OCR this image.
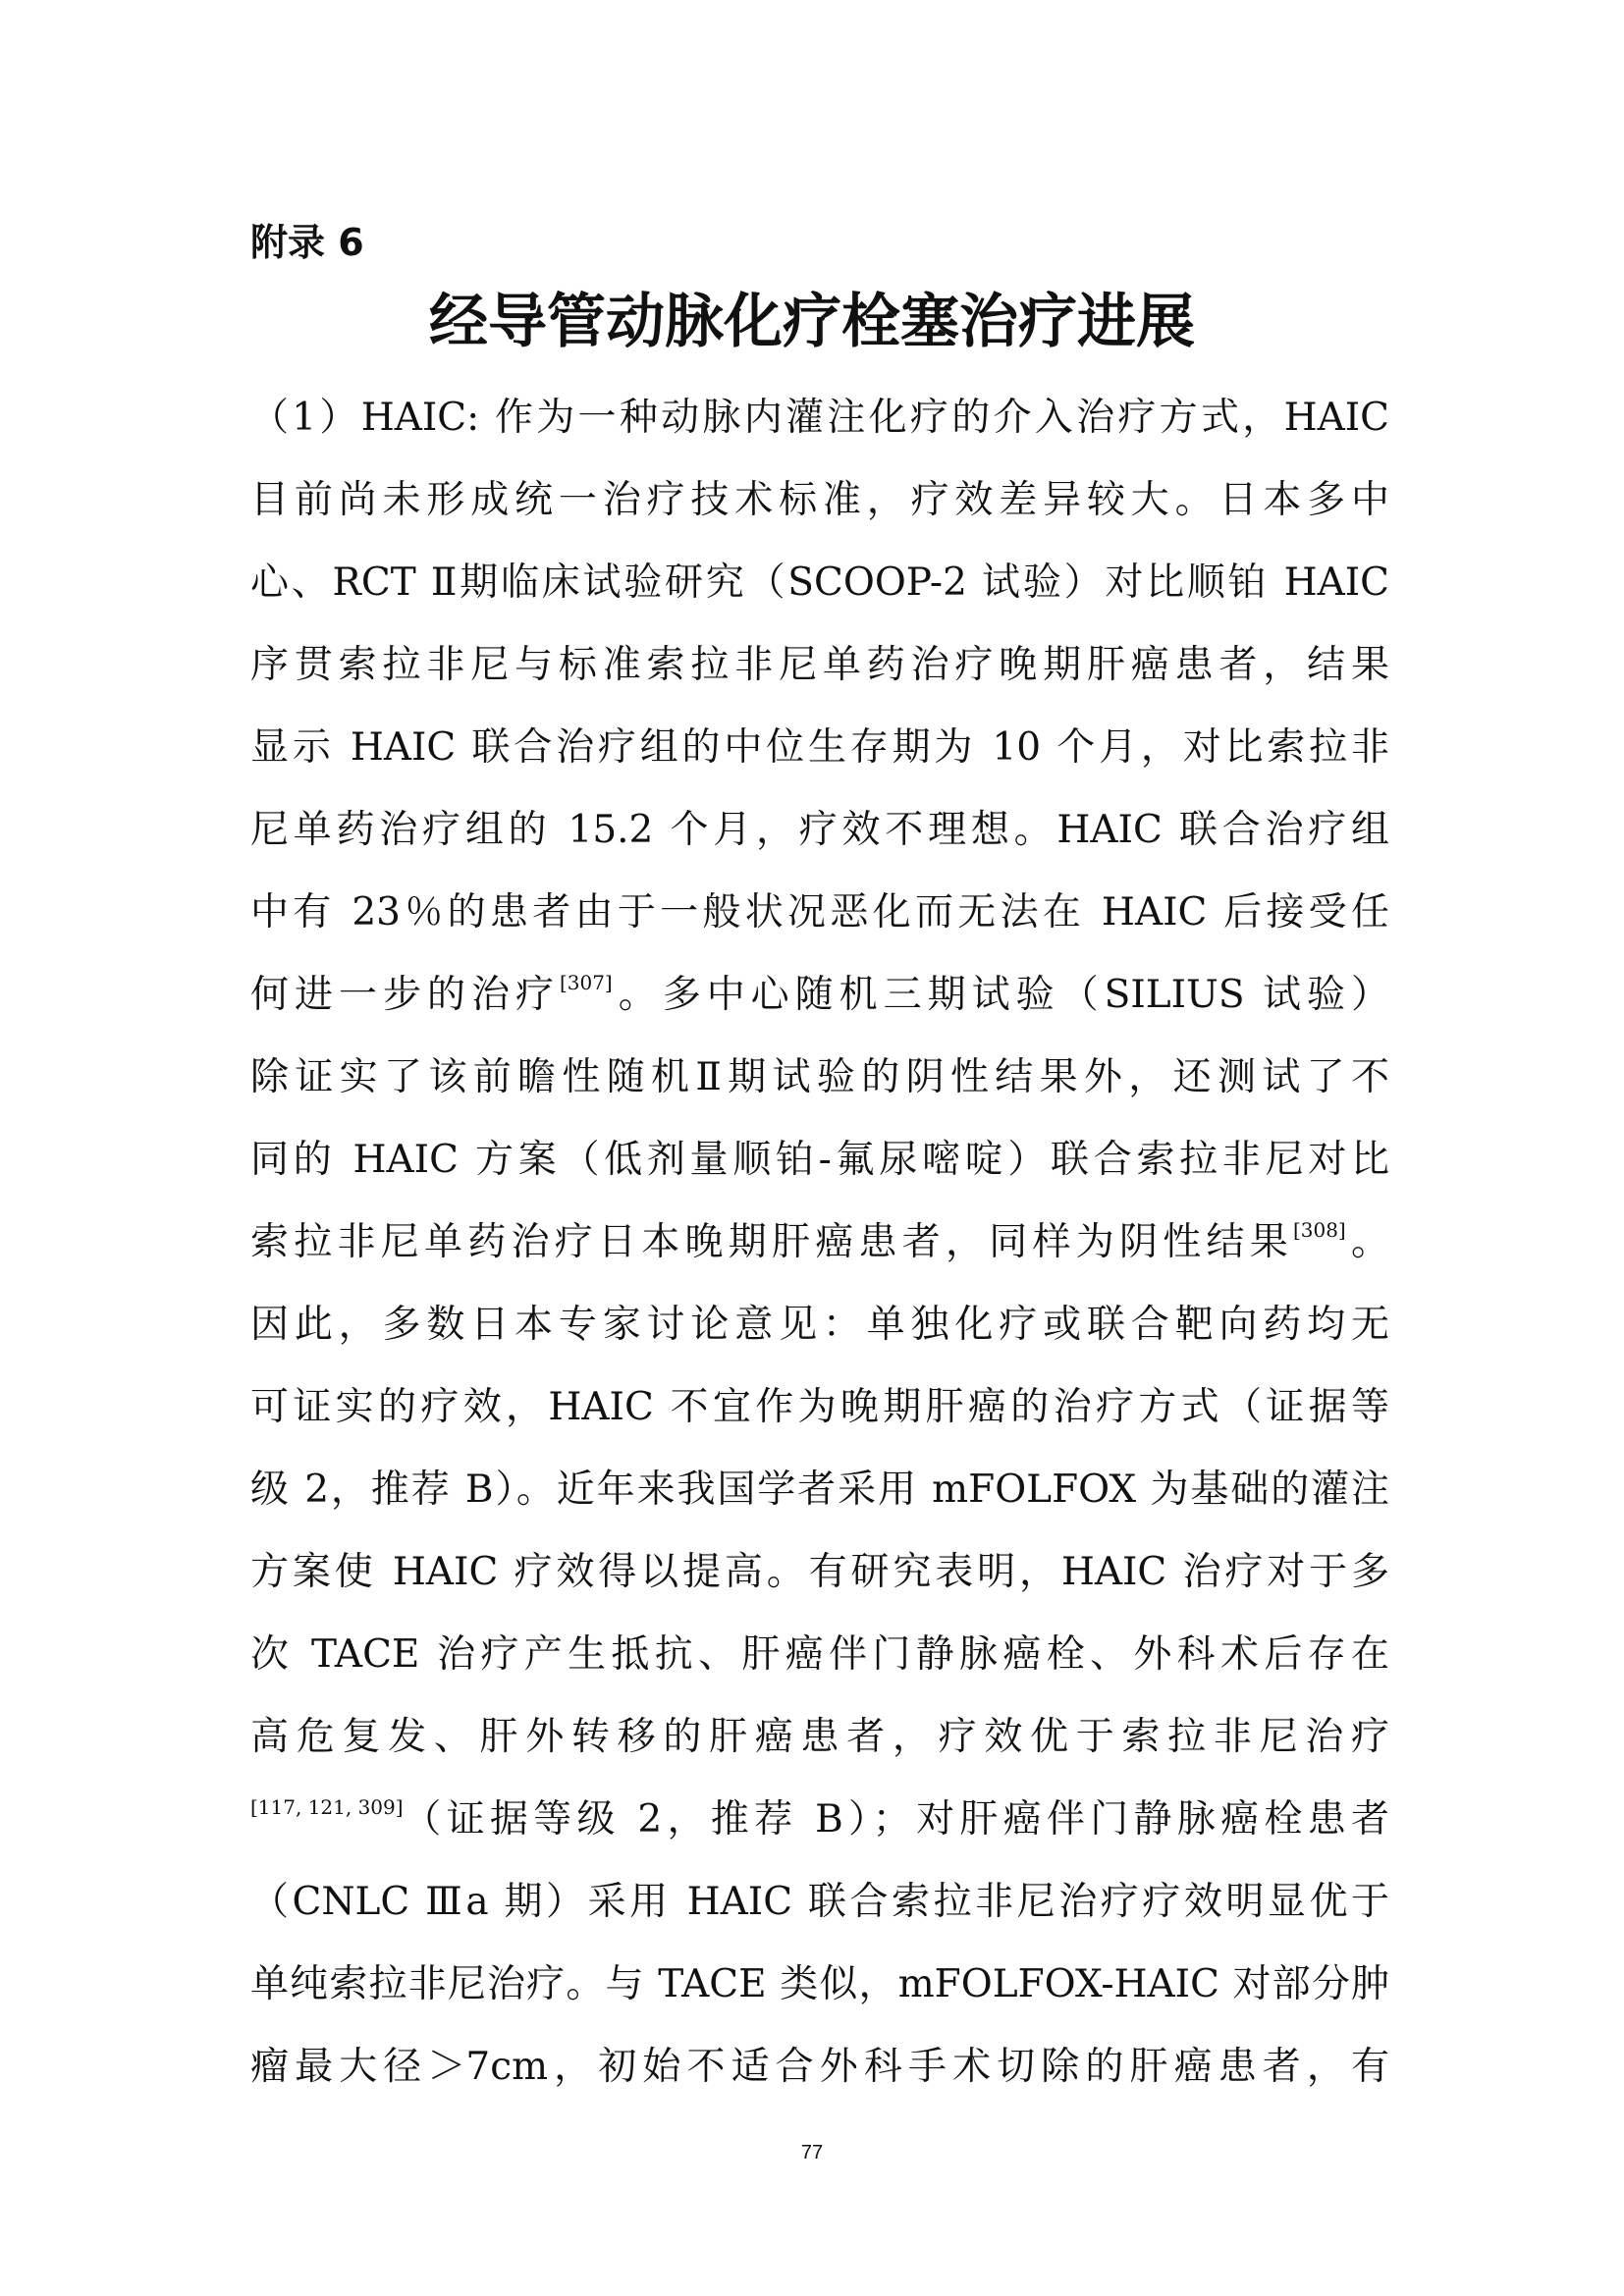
附录 6
经导管动脉化疗栓塞治疗进展
（1）HAIC: 作为一种动脉内灌注化疗的介入治疗方式，HAIC
目前尚未形成统一治疗技术标准，疗效差异较大。日本多中
心、RCT Ⅱ期临床试验研究（SCOOP-2 试验）对比顺铂 HAIC
序贯索拉非尼与标准索拉非尼单药治疗晚期肝癌患者，结果
显示 HAIC 联合治疗组的中位生存期为 10 个月，对比索拉非
尼单药治疗组的 15.2 个月，疗效不理想。HAIC 联合治疗组
中有 23％的患者由于一般状况恶化而无法在 HAIC 后接受任
何进一步的治疗[307]。多中心随机三期试验（SILIUS 试验）
除证实了该前瞻性随机Ⅱ期试验的阴性结果外，还测试了不
同的 HAIC 方案（低剂量顺铂-氟尿嘧啶）联合索拉非尼对比
索拉非尼单药治疗日本晚期肝癌患者，同样为阴性结果[308]。
因此，多数日本专家讨论意见：单独化疗或联合靶向药均无
可证实的疗效，HAIC 不宜作为晚期肝癌的治疗方式（证据等
级 2，推荐 B）。近年来我国学者采用 mFOLFOX 为基础的灌注
方案使 HAIC 疗效得以提高。有研究表明，HAIC 治疗对于多
次 TACE 治疗产生抵抗、肝癌伴门静脉癌栓、外科术后存在
高危复发、肝外转移的肝癌患者，疗效优于索拉非尼治疗
[117, 121, 309]（证据等级 2，推荐 B）；对肝癌伴门静脉癌栓患者
（CNLC Ⅲa 期）采用 HAIC 联合索拉非尼治疗疗效明显优于
单纯索拉非尼治疗。与 TACE 类似，mFOLFOX-HAIC 对部分肿
瘤最大径＞7cm，初始不适合外科手术切除的肝癌患者，有
77
